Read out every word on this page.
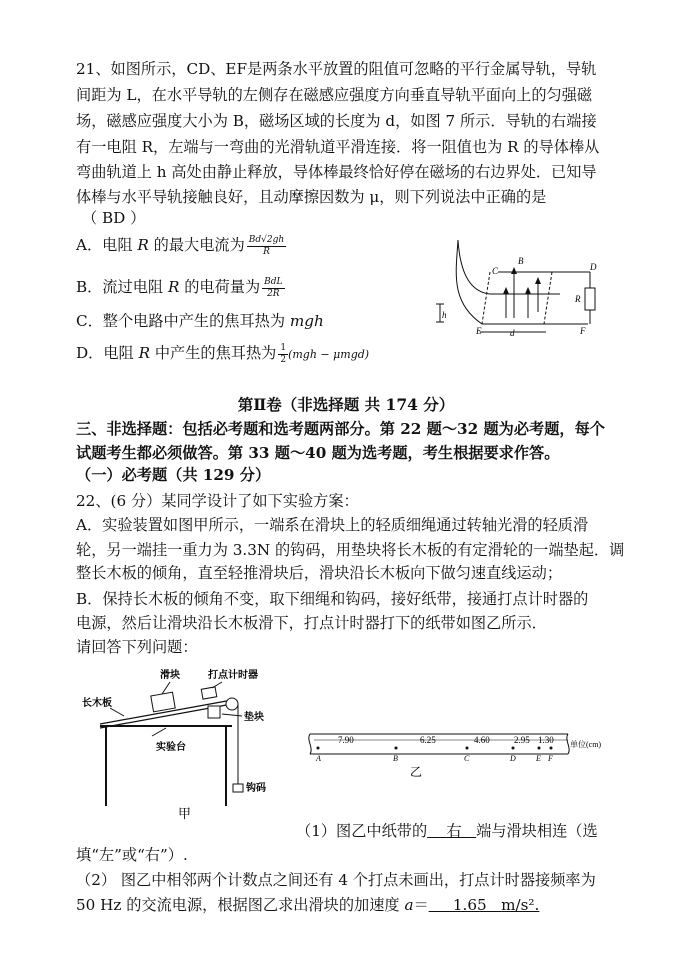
21、如图所示，CD、EF是两条水平放置的阻值可忽略的平行金属导轨，导轨
间距为 L，在水平导轨的左侧存在磁感应强度方向垂直导轨平面向上的匀强磁
场，磁感应强度大小为 B，磁场区域的长度为 d，如图 7 所示．导轨的右端接
有一电阻 R，左端与一弯曲的光滑轨道平滑连接．将一阻值也为 R 的导体棒从
弯曲轨道上 h 高处由静止释放，导体棒最终恰好停在磁场的右边界处．已知导
体棒与水平导轨接触良好，且动摩擦因数为 μ，则下列说法中正确的是
（ BD ）
A．电阻 R 的最大电流为 $\frac{Bd√2gh}{R}$
B．流过电阻 R 的电荷量为 $\frac{\text{BdL}}{2R}$
C．整个电路中产生的焦耳热为 mgh
D．电阻 R 中产生的焦耳热为 $\frac{1}{2} (mgh - \mu mgd)$
C
B
D
R
h
E	d	F
第Ⅱ卷（非选择题 共 174 分）
三、非选择题：包括必考题和选考题两部分。第 22 题～32 题为必考题，每个
试题考生都必须做答。第 33 题～40 题为选考题，考生根据要求作答。
（一）必考题（共 129 分）
22、(6 分）某同学设计了如下实验方案：
A．实验装置如图甲所示，一端系在滑块上的轻质细绳通过转轴光滑的轻质滑
轮，另一端挂一重力为 3.3N 的钩码，用垫块将长木板的有定滑轮的一端垫起．调
整长木板的倾角，直至轻推滑块后，滑块沿长木板向下做匀速直线运动；
B．保持长木板的倾角不变，取下细绳和钩码，接好纸带，接通打点计时器的
电源，然后让滑块沿长木板滑下，打点计时器打下的纸带如图乙所示．
请回答下列问题：
长木板
滑块	打点计时器
垫块
实验台
钩码
甲
7.90	6.25	4.60	2.95 1.30
A	B	C	D	E F
单位(cm)
乙
（1）图乙中纸带的    右   端与滑块相连（选
填“左”或“右”）.
（2） 图乙中相邻两个计数点之间还有 4 个打点未画出，打点计时器接频率为
50 Hz 的交流电源，根据图乙求出滑块的加速度 a＝     1.65   m/s².
